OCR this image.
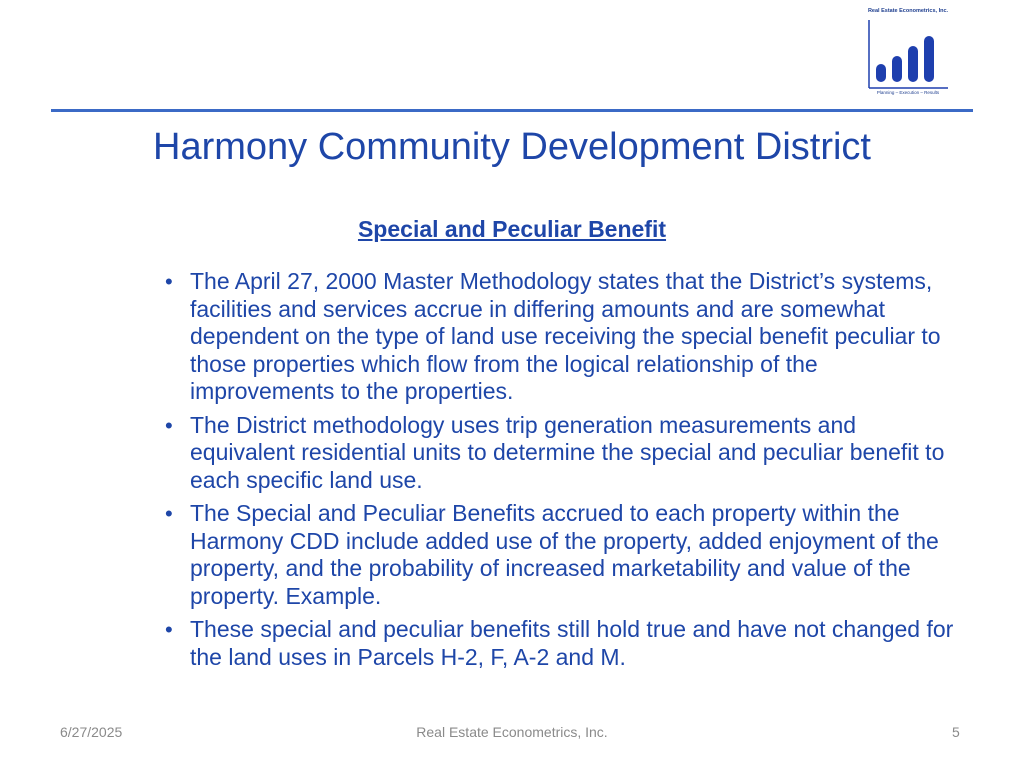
Real Estate Econometrics, Inc.
Planning – Execution – Results
Harmony Community Development District
Special and Peculiar Benefit
• The April 27, 2000 Master Methodology states that the District’s systems, facilities and services accrue in differing amounts and are somewhat dependent on the type of land use receiving the special benefit peculiar to those properties which flow from the logical relationship of the improvements to the properties.
• The District methodology uses trip generation measurements and equivalent residential units to determine the special and peculiar benefit to each specific land use.
• The Special and Peculiar Benefits accrued to each property within the Harmony CDD include added use of the property, added enjoyment of the property, and the probability of increased marketability and value of the property. Example.
• These special and peculiar benefits still hold true and have not changed for the land uses in Parcels H-2, F, A-2 and M.
6/27/2025	Real Estate Econometrics, Inc.	5
